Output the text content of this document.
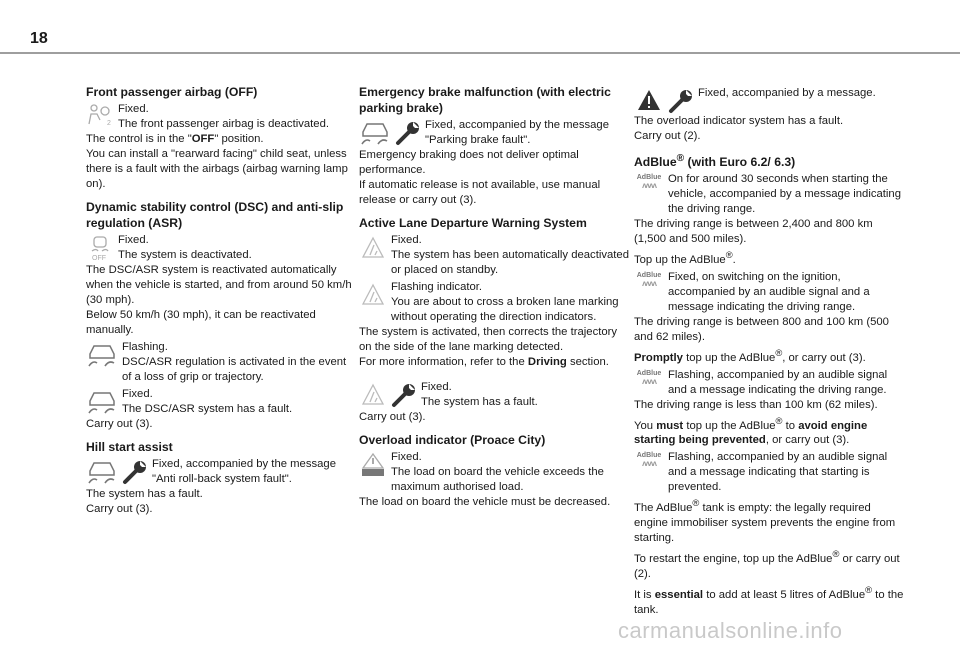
18
Front passenger airbag (OFF)
2
Fixed.
The front passenger airbag is deactivated.
The control is in the "OFF" position.
You can install a "rearward facing" child seat, unless there is a fault with the airbags (airbag warning lamp on).
Dynamic stability control (DSC) and anti-slip regulation (ASR)
OFF
Fixed.
The system is deactivated.
The DSC/ASR system is reactivated automatically when the vehicle is started, and from around 50 km/h (30 mph).
Below 50 km/h (30 mph), it can be reactivated manually.
Flashing.
DSC/ASR regulation is activated in the event of a loss of grip or trajectory.
Fixed.
The DSC/ASR system has a fault.
Carry out (3).
Hill start assist
Fixed, accompanied by the message "Anti roll-back system fault".
The system has a fault.
Carry out (3).
Emergency brake malfunction (with electric parking brake)
Fixed, accompanied by the message "Parking brake fault".
Emergency braking does not deliver optimal performance.
If automatic release is not available, use manual release or carry out (3).
Active Lane Departure Warning System
Fixed.
The system has been automatically deactivated or placed on standby.
Flashing indicator.
You are about to cross a broken lane marking without operating the direction indicators.
The system is activated, then corrects the trajectory on the side of the lane marking detected.
For more information, refer to the Driving section.
Fixed.
The system has a fault.
Carry out (3).
Overload indicator (Proace City)
Fixed.
The load on board the vehicle exceeds the maximum authorised load.
The load on board the vehicle must be decreased.
Fixed, accompanied by a message.
The overload indicator system has a fault.
Carry out (2).
AdBlue® (with Euro 6.2/ 6.3)
AdBlue
ʌʌʌʌ
On for around 30 seconds when starting the vehicle, accompanied by a message indicating the driving range.
The driving range is between 2,400 and 800 km (1,500 and 500 miles).
Top up the AdBlue®.
AdBlue
ʌʌʌʌ
Fixed, on switching on the ignition, accompanied by an audible signal and a message indicating the driving range.
The driving range is between 800 and 100 km (500 and 62 miles).
Promptly top up the AdBlue®, or carry out (3).
AdBlue
ʌʌʌʌ
Flashing, accompanied by an audible signal and a message indicating the driving range.
The driving range is less than 100 km (62 miles).
You must top up the AdBlue® to avoid engine starting being prevented, or carry out (3).
AdBlue
ʌʌʌʌ
Flashing, accompanied by an audible signal and a message indicating that starting is prevented.
The AdBlue® tank is empty: the legally required engine immobiliser system prevents the engine from starting.
To restart the engine, top up the AdBlue® or carry out (2).
It is essential to add at least 5 litres of AdBlue® to the tank.
carmanualsonline.info
